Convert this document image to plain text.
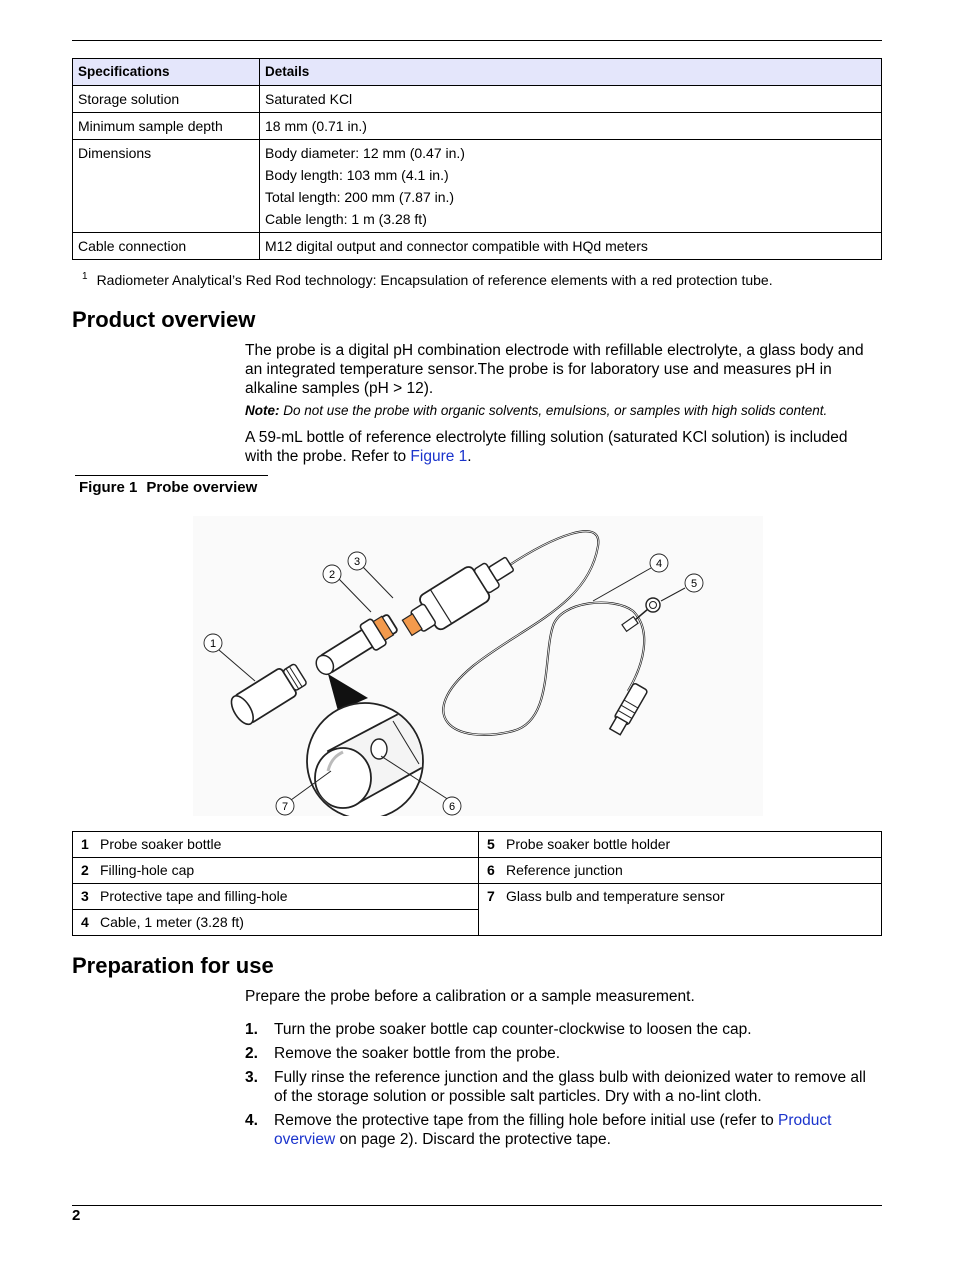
Specifications	Details
Storage solution	Saturated KCl
Minimum sample depth	18 mm (0.71 in.)
Dimensions	Body diameter: 12 mm (0.47 in.)
Body length: 103 mm (4.1 in.)
Total length: 200 mm (7.87 in.)
Cable length: 1 m (3.28 ft)

Cable connection	M12 digital output and connector compatible with HQd meters
$^1$ Radiometer Analytical’s Red Rod technology: Encapsulation of reference elements with a red protection tube.
Product overview

The probe is a digital pH combination electrode with refillable electrolyte, a glass body and an integrated temperature sensor.The probe is for laboratory use and measures pH in alkaline samples (pH > 12).

Note: Do not use the probe with organic solvents, emulsions, or samples with high solids content.

A 59-mL bottle of reference electrolyte filling solution (saturated KCl solution) is included with the probe. Refer to Figure 1.

Figure 1 Probe overview
1
2
3	4
5
6
7
1 Probe soaker bottle	5 Probe soaker bottle holder
2 Filling-hole cap	6 Reference junction
3 Protective tape and filling-hole	7 Glass bulb and temperature sensor
4 Cable, 1 meter (3.28 ft)	
Preparation for use

Prepare the probe before a calibration or a sample measurement.

1.	Turn the probe soaker bottle cap counter-clockwise to loosen the cap.
2.	Remove the soaker bottle from the probe.
3.	Fully rinse the reference junction and the glass bulb with deionized water to remove all of the storage solution or possible salt particles. Dry with a no-lint cloth.
4.	Remove the protective tape from the filling hole before initial use (refer to Product overview on page 2). Discard the protective tape.
2
